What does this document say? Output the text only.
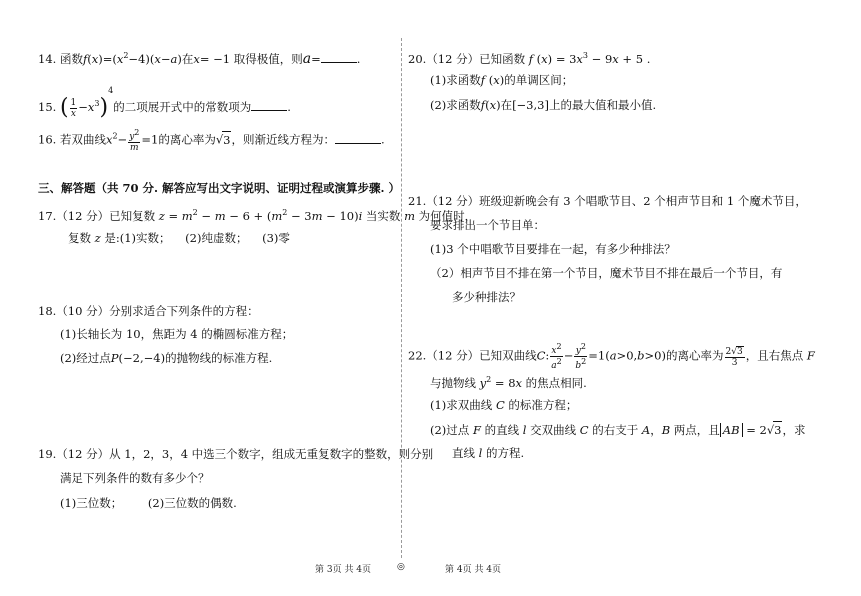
14. 函数$f(x)=(x^2-4)(x-a)$在x= −1 取得极值，则a=	.
15. ( $\frac{1}{x} -x^3)^4$的二项展开式中的常数项为	.
16. 若双曲线$x^2- \frac{y2}{m} =1$的离心率为√3，则渐近线方程为：	.
三、解答题（共 70 分. 解答应写出文字说明、证明过程或演算步骤. ）
17.（12 分）已知复数 $z = m^2 - m - 6 + (m^2 - 3m - 10)i$ 当实数 m 为何值时，
复数 z 是:(1)实数； (2)纯虚数； (3)零
18.（10 分）分别求适合下列条件的方程：
(1)长轴长为 10，焦距为 4 的椭圆标准方程；
(2)经过点P(−2,−4)的抛物线的标准方程.
19.（12 分）从 1，2，3，4 中选三个数字，组成无重复数字的整数，则分别
满足下列条件的数有多少个？
(1)三位数； (2)三位数的偶数.
第 3页 共 4页	◎
20.（12 分）已知函数 f $(x) = 3x^3 - 9x + 5$ .
(1)求函数f (x)的单调区间；
(2)求函数f(x)在[−3,3]上的最大值和最小值.
21.（12 分）班级迎新晚会有 3 个唱歌节目、2 个相声节目和 1 个魔术节目，
要求排出一个节目单：
(1)3 个中唱歌节目要排在一起，有多少种排法？
（2）相声节目不排在第一个节目，魔术节目不排在最后一个节目，有
多少种排法？
22.（12 分）已知双曲线C: $\frac{x2}{a2} - \frac{y2}{b2} =1(a>0,b>0)$的离心率为 $\frac{2√3}{3}$ ，且右焦点 F
与抛物线 $y^2 = 8x$ 的焦点相同.
(1)求双曲线 C 的标准方程；
(2)过点 F 的直线 l 交双曲线 C 的右支于 A，B 两点，且 AB = 2√3，求
直线 l 的方程.
第 4页 共 4页
